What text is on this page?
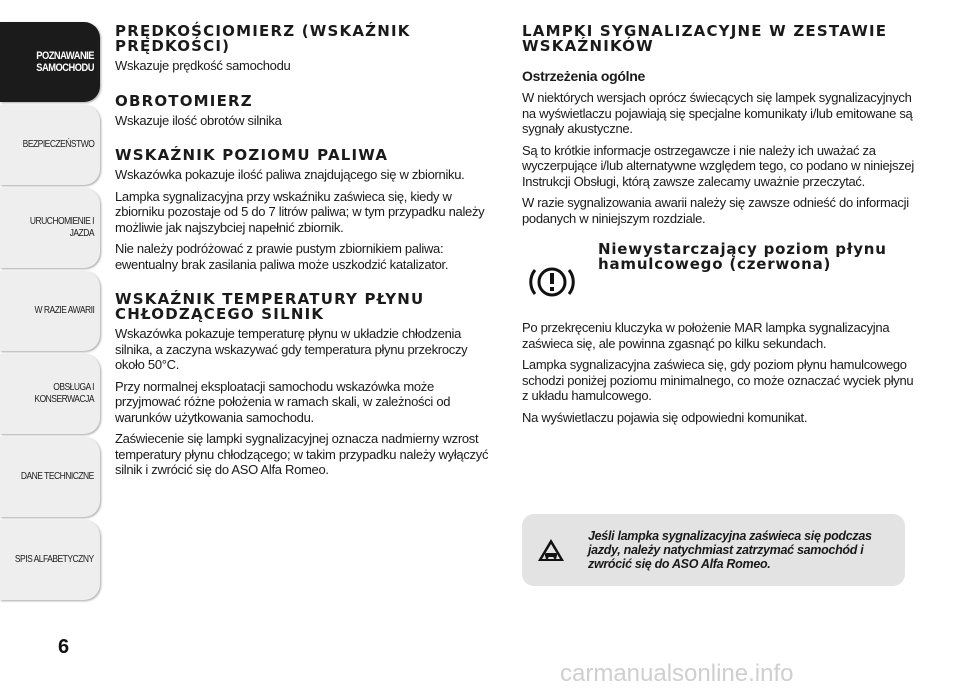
POZNAWANIE SAMOCHODU
BEZPIECZEŃSTWO
URUCHOMIENIE I JAZDA
W RAZIE AWARII
OBSŁUGA I KONSERWACJA
DANE TECHNICZNE
SPIS ALFABETYCZNY
6
PRĘDKOŚCIOMIERZ (WSKAŹNIK PRĘDKOŚCI)

Wskazuje prędkość samochodu

OBROTOMIERZ

Wskazuje ilość obrotów silnika

WSKAŹNIK POZIOMU PALIWA

Wskazówka pokazuje ilość paliwa znajdującego się w zbiorniku.

Lampka sygnalizacyjna przy wskaźniku zaświeca się, kiedy w zbiorniku pozostaje od 5 do 7 litrów paliwa; w tym przypadku należy możliwie jak najszybciej napełnić zbiornik.

Nie należy podróżować z prawie pustym zbiornikiem paliwa: ewentualny brak zasilania paliwa może uszkodzić katalizator.

WSKAŹNIK TEMPERATURY PŁYNU CHŁODZĄCEGO SILNIK

Wskazówka pokazuje temperaturę płynu w układzie chłodzenia silnika, a zaczyna wskazywać gdy temperatura płynu przekroczy około 50°C.

Przy normalnej eksploatacji samochodu wskazówka może przyjmować różne położenia w ramach skali, w zależności od warunków użytkowania samochodu.

Zaświecenie się lampki sygnalizacyjnej oznacza nadmierny wzrost temperatury płynu chłodzącego; w takim przypadku należy wyłączyć silnik i zwrócić się do ASO Alfa Romeo.

LAMPKI SYGNALIZACYJNE W ZESTAWIE WSKAŹNIKÓW
Ostrzeżenia ogólne

W niektórych wersjach oprócz świecących się lampek sygnalizacyjnych na wyświetlaczu pojawiają się specjalne komunikaty i/lub emitowane są sygnały akustyczne.

Są to krótkie informacje ostrzegawcze i nie należy ich uważać za wyczerpujące i/lub alternatywne względem tego, co podano w niniejszej Instrukcji Obsługi, którą zawsze zalecamy uważnie przeczytać.

W razie sygnalizowania awarii należy się zawsze odnieść do informacji podanych w niniejszym rozdziale.

Niewystarczający poziom płynu hamulcowego (czerwona)

Po przekręceniu kluczyka w położenie MAR lampka sygnalizacyjna zaświeca się, ale powinna zgasnąć po kilku sekundach.

Lampka sygnalizacyjna zaświeca się, gdy poziom płynu hamulcowego schodzi poniżej poziomu minimalnego, co może oznaczać wyciek płynu z układu hamulcowego.

Na wyświetlaczu pojawia się odpowiedni komunikat.

Jeśli lampka sygnalizacyjna zaświeca się podczas jazdy, należy natychmiast zatrzymać samochód i zwrócić się do ASO Alfa Romeo.
carmanualsonline.info
